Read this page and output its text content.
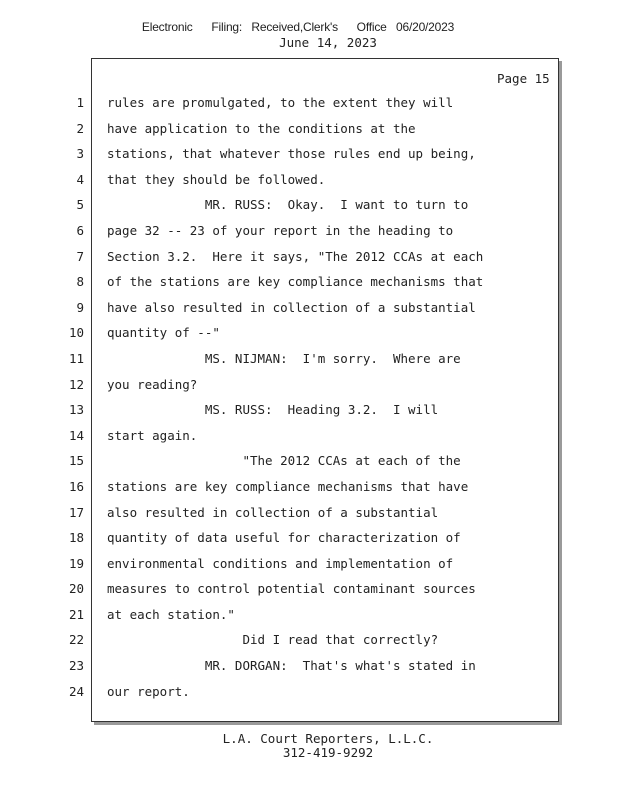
Electronic      Filing:   Received,Clerk's      Office   06/20/2023
June 14, 2023
Page 15
1 rules are promulgated, to the extent they will
2 have application to the conditions at the
3 stations, that whatever those rules end up being,
4 that they should be followed.
5 MR. RUSS:  Okay.  I want to turn to
6 page 32 -- 23 of your report in the heading to
7 Section 3.2.  Here it says, "The 2012 CCAs at each
8 of the stations are key compliance mechanisms that
9 have also resulted in collection of a substantial
10 quantity of --"
11 MS. NIJMAN:  I'm sorry.  Where are
12 you reading?
13 MS. RUSS:  Heading 3.2.  I will
14 start again.
15 "The 2012 CCAs at each of the
16 stations are key compliance mechanisms that have
17 also resulted in collection of a substantial
18 quantity of data useful for characterization of
19 environmental conditions and implementation of
20 measures to control potential contaminant sources
21 at each station."
22 Did I read that correctly?
23 MR. DORGAN:  That's what's stated in
24 our report.
L.A. Court Reporters, L.L.C.
312-419-9292
